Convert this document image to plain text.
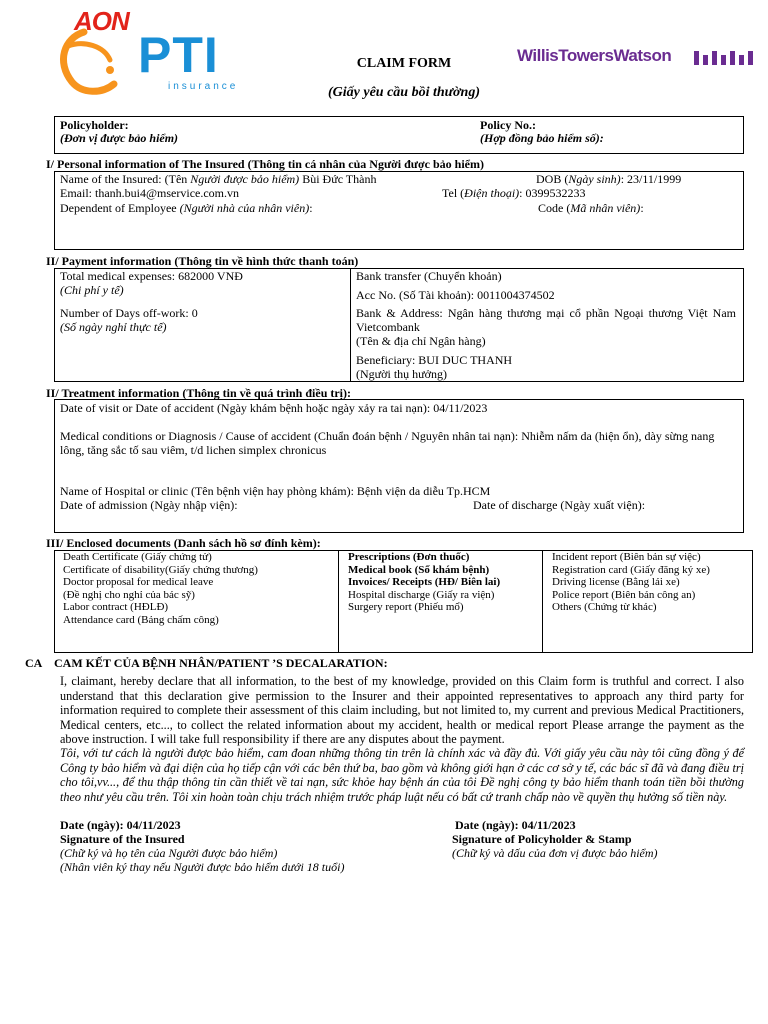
AON
PTI
insurance
WillisTowersWatson
CLAIM FORM
(Giấy yêu cầu bồi thường)
Policyholder:
(Đơn vị được bảo hiểm)
Policy No.:
(Hợp đồng bảo hiểm số):
I/ Personal information of The Insured (Thông tin cá nhân của Người được bảo hiểm)
Name of the Insured: (Tên Người được bảo hiểm) Bùi Đức Thành	DOB (Ngày sinh): 23/11/1999
Email: thanh.bui4@mservice.com.vn	Tel (Điện thoại): 0399532233
Dependent of Employee (Người nhà của nhân viên):	Code (Mã nhân viên):
II/ Payment information (Thông tin về hình thức thanh toán)
Total medical expenses: 682000 VNĐ
(Chi phí y tế)
Number of Days off-work: 0
(Số ngày nghỉ thực tế)
Bank transfer (Chuyển khoản)
Acc No. (Số Tài khoản): 0011004374502
Bank & Address: Ngân hàng thương mại cổ phần Ngoại thương Việt Nam Vietcombank
(Tên & địa chỉ Ngân hàng)
Beneficiary: BUI DUC THANH
(Người thụ hưởng)
II/ Treatment information (Thông tin về quá trình điều trị):
Date of visit or Date of accident (Ngày khám bệnh hoặc ngày xảy ra tai nạn): 04/11/2023
Medical conditions or Diagnosis / Cause of accident (Chuẩn đoán bệnh / Nguyên nhân tai nạn): Nhiễm nấm da (hiện ổn), dày sừng nang lông, tăng sắc tố sau viêm, t/d lichen simplex chronicus
Name of Hospital or clinic (Tên bệnh viện hay phòng khám): Bệnh viện da diễu Tp.HCM
Date of admission (Ngày nhập viện):	Date of discharge (Ngày xuất viện):
III/ Enclosed documents (Danh sách hồ sơ đính kèm):
Death Certificate (Giấy chứng tử)
Certificate of disability(Giấy chứng thương)
Doctor proposal for medical leave
(Đề nghị cho nghỉ của bác sỹ)
Labor contract (HĐLĐ)
Attendance card (Bảng chấm công)
Prescriptions (Đơn thuốc)
Medical book (Sổ khám bệnh)
Invoices/ Receipts (HĐ/ Biên lai)
Hospital discharge (Giấy ra viện)
Surgery report (Phiếu mổ)
Incident report (Biên bản sự việc)
Registration card (Giấy đăng ký xe)
Driving license (Bằng lái xe)
Police report (Biên bản công an)
Others (Chứng từ khác)
CA CAM KẾT CỦA BỆNH NHÂN/PATIENT ’S DECALARATION:
I, claimant, hereby declare that all information, to the best of my knowledge, provided on this Claim form is truthful and correct. I also understand that this declaration give permission to the Insurer and their appointed representatives to approach any third party for information required to complete their assessment of this claim including, but not limited to, my current and previous Medical Practitioners, Medical centers, etc..., to collect the related information about my accident, health or medical report Please arrange the payment as the above instruction. I will take full responsibility if there are any disputes about the payment.
Tôi, với tư cách là người được bảo hiểm, cam đoan những thông tin trên là chính xác và đầy đủ. Với giấy yêu cầu này tôi cũng đồng ý để Công ty bảo hiểm và đại diện của họ tiếp cận với các bên thứ ba, bao gồm và không giới hạn ở các cơ sở y tế, các bác sĩ đã và đang điều trị cho tôi,vv..., để thu thập thông tin cần thiết về tai nạn, sức khỏe hay bệnh án của tôi Đề nghị công ty bảo hiểm thanh toán tiền bồi thường theo như yêu cầu trên. Tôi xin hoàn toàn chịu trách nhiệm trước pháp luật nếu có bất cứ tranh chấp nào về quyền thụ hưởng số tiền này.
Date (ngày): 04/11/2023
Signature of the Insured
(Chữ ký và họ tên của Người được bảo hiểm)
(Nhân viên ký thay nếu Người được bảo hiểm dưới 18 tuổi)
Date (ngày): 04/11/2023
Signature of Policyholder & Stamp
(Chữ ký và dấu của đơn vị được bảo hiểm)
